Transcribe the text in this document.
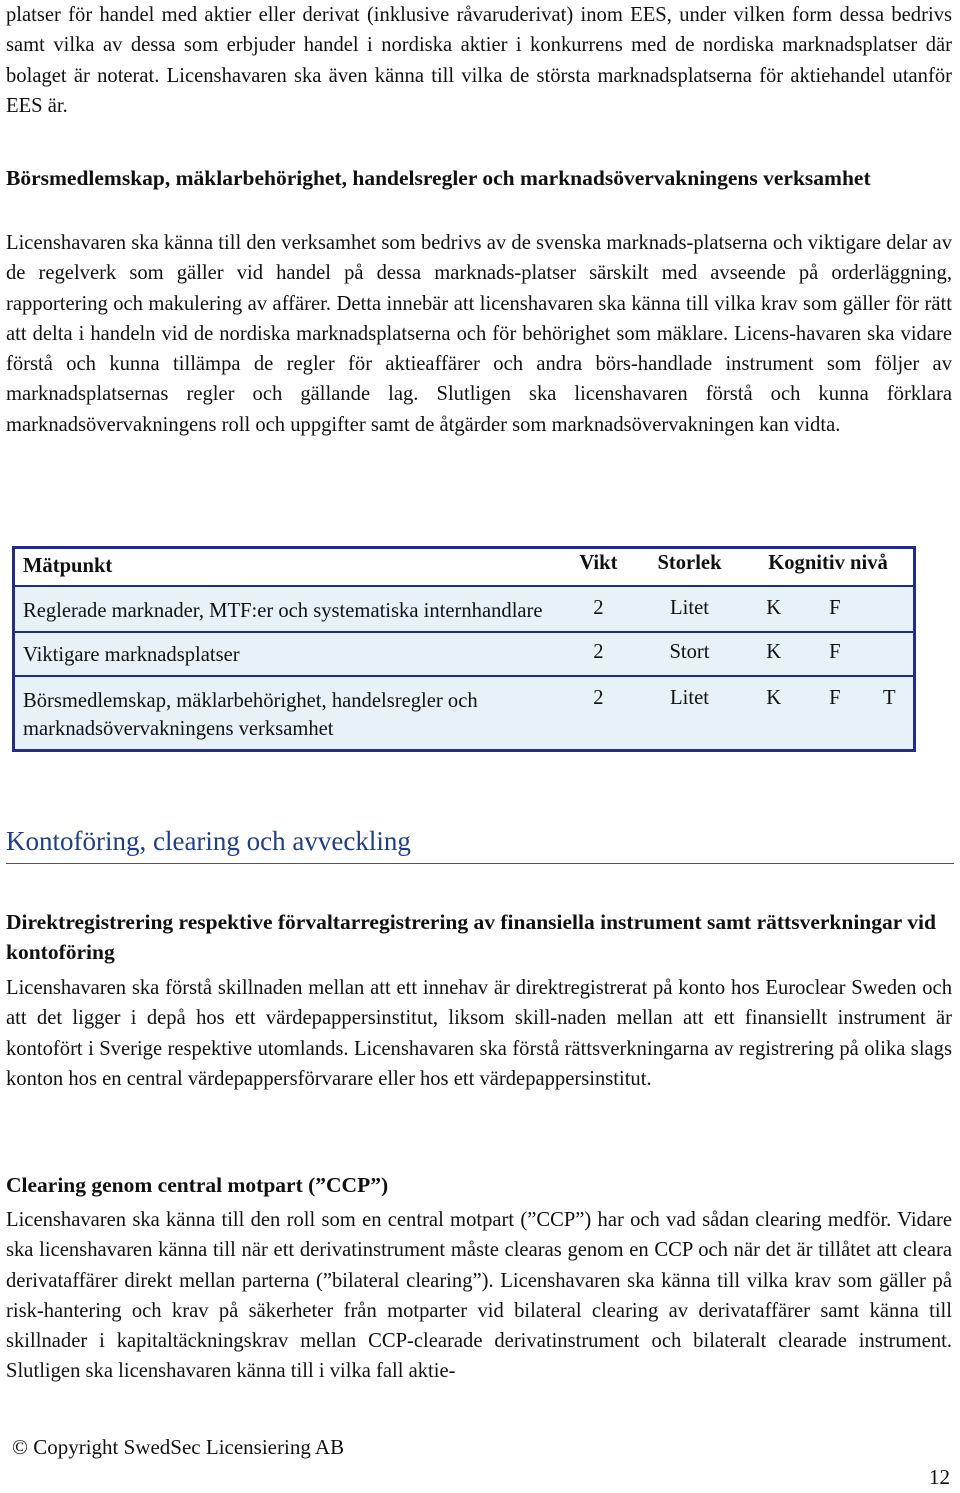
platser för handel med aktier eller derivat (inklusive råvaruderivat) inom EES, under vilken form dessa bedrivs samt vilka av dessa som erbjuder handel i nordiska aktier i konkurrens med de nordiska marknadsplatser där bolaget är noterat. Licenshavaren ska även känna till vilka de största marknadsplatserna för aktiehandel utanför EES är.

Börsmedlemskap, mäklarbehörighet, handelsregler och marknadsövervakningens verksamhet

Licenshavaren ska känna till den verksamhet som bedrivs av de svenska marknads-platserna och viktigare delar av de regelverk som gäller vid handel på dessa marknads-platser särskilt med avseende på orderläggning, rapportering och makulering av affärer. Detta innebär att licenshavaren ska känna till vilka krav som gäller för rätt att delta i handeln vid de nordiska marknadsplatserna och för behörighet som mäklare. Licens-havaren ska vidare förstå och kunna tillämpa de regler för aktieaffärer och andra börs-handlade instrument som följer av marknadsplatsernas regler och gällande lag. Slutligen ska licenshavaren förstå och kunna förklara marknadsövervakningens roll och uppgifter samt de åtgärder som marknadsövervakningen kan vidta.

Mätpunkt	Vikt	Storlek	Kognitiv nivå		
Reglerade marknader, MTF:er och systematiska internhandlare	2	Litet	K	F	
Viktigare marknadsplatser	2	Stort	K	F	
Börsmedlemskap, mäklarbehörighet, handelsregler och marknadsövervakningens verksamhet	2	Litet	K	F	T

Kontoföring, clearing och avveckling

Direktregistrering respektive förvaltarregistrering av finansiella instrument samt rättsverkningar vid kontoföring

Licenshavaren ska förstå skillnaden mellan att ett innehav är direktregistrerat på konto hos Euroclear Sweden och att det ligger i depå hos ett värdepappersinstitut, liksom skill-naden mellan att ett finansiellt instrument är kontofört i Sverige respektive utomlands. Licenshavaren ska förstå rättsverkningarna av registrering på olika slags konton hos en central värdepappersförvarare eller hos ett värdepappersinstitut.

Clearing genom central motpart (”CCP”)

Licenshavaren ska känna till den roll som en central motpart (”CCP”) har och vad sådan clearing medför. Vidare ska licenshavaren känna till när ett derivatinstrument måste clearas genom en CCP och när det är tillåtet att cleara derivataffärer direkt mellan parterna (”bilateral clearing”). Licenshavaren ska känna till vilka krav som gäller på risk-hantering och krav på säkerheter från motparter vid bilateral clearing av derivataffärer samt känna till skillnader i kapitaltäckningskrav mellan CCP-clearade derivatinstrument och bilateralt clearade instrument. Slutligen ska licenshavaren känna till i vilka fall aktie-

© Copyright SwedSec Licensiering AB

12
